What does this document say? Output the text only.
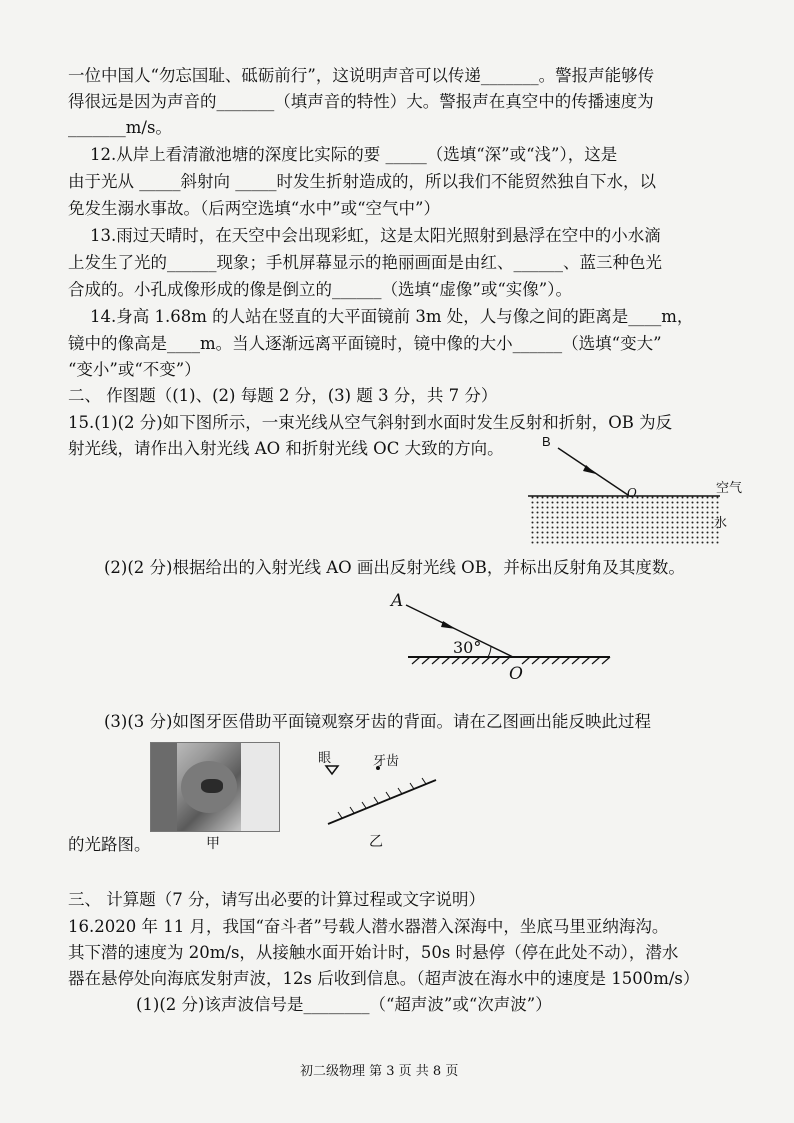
一位中国人“勿忘国耻、砥砺前行”，这说明声音可以传递_______。警报声能够传
得很远是因为声音的_______（填声音的特性）大。警报声在真空中的传播速度为
_______m/s。
12.从岸上看清澈池塘的深度比实际的要 _____（选填“深”或“浅”），这是
由于光从 _____斜射向 _____时发生折射造成的，所以我们不能贸然独自下水，以
免发生溺水事故。（后两空选填“水中”或“空气中”）
13.雨过天晴时，在天空中会出现彩虹，这是太阳光照射到悬浮在空中的小水滴
上发生了光的______现象；手机屏幕显示的艳丽画面是由红、______、蓝三种色光
合成的。小孔成像形成的像是倒立的______（选填“虚像”或“实像”）。
14.身高 1.68m 的人站在竖直的大平面镜前 3m 处，人与像之间的距离是____m，
镜中的像高是____m。当人逐渐远离平面镜时，镜中像的大小______（选填“变大”
“变小”或“不变”）
二、 作图题（(1)、(2) 每题 2 分，(3) 题 3 分，共 7 分）
15.(1)(2 分)如下图所示，一束光线从空气斜射到水面时发生反射和折射，OB 为反
射光线，请作出入射光线 AO 和折射光线 OC 大致的方向。
(2)(2 分)根据给出的入射光线 AO 画出反射光线 OB，并标出反射角及其度数。
(3)(3 分)如图牙医借助平面镜观察牙齿的背面。请在乙图画出能反映此过程
的光路图。
三、 计算题（7 分，请写出必要的计算过程或文字说明）
16.2020 年 11 月，我国“奋斗者”号载人潜水器潜入深海中，坐底马里亚纳海沟。
其下潜的速度为 20m/s，从接触水面开始计时，50s 时悬停（停在此处不动），潜水
器在悬停处向海底发射声波，12s 后收到信息。（超声波在海水中的速度是 1500m/s）
(1)(2 分)该声波信号是________（“超声波”或“次声波”）
B
O	空气
水
A
30°
O
甲
眼	牙齿
乙
初二级物理 第 3 页 共 8 页
